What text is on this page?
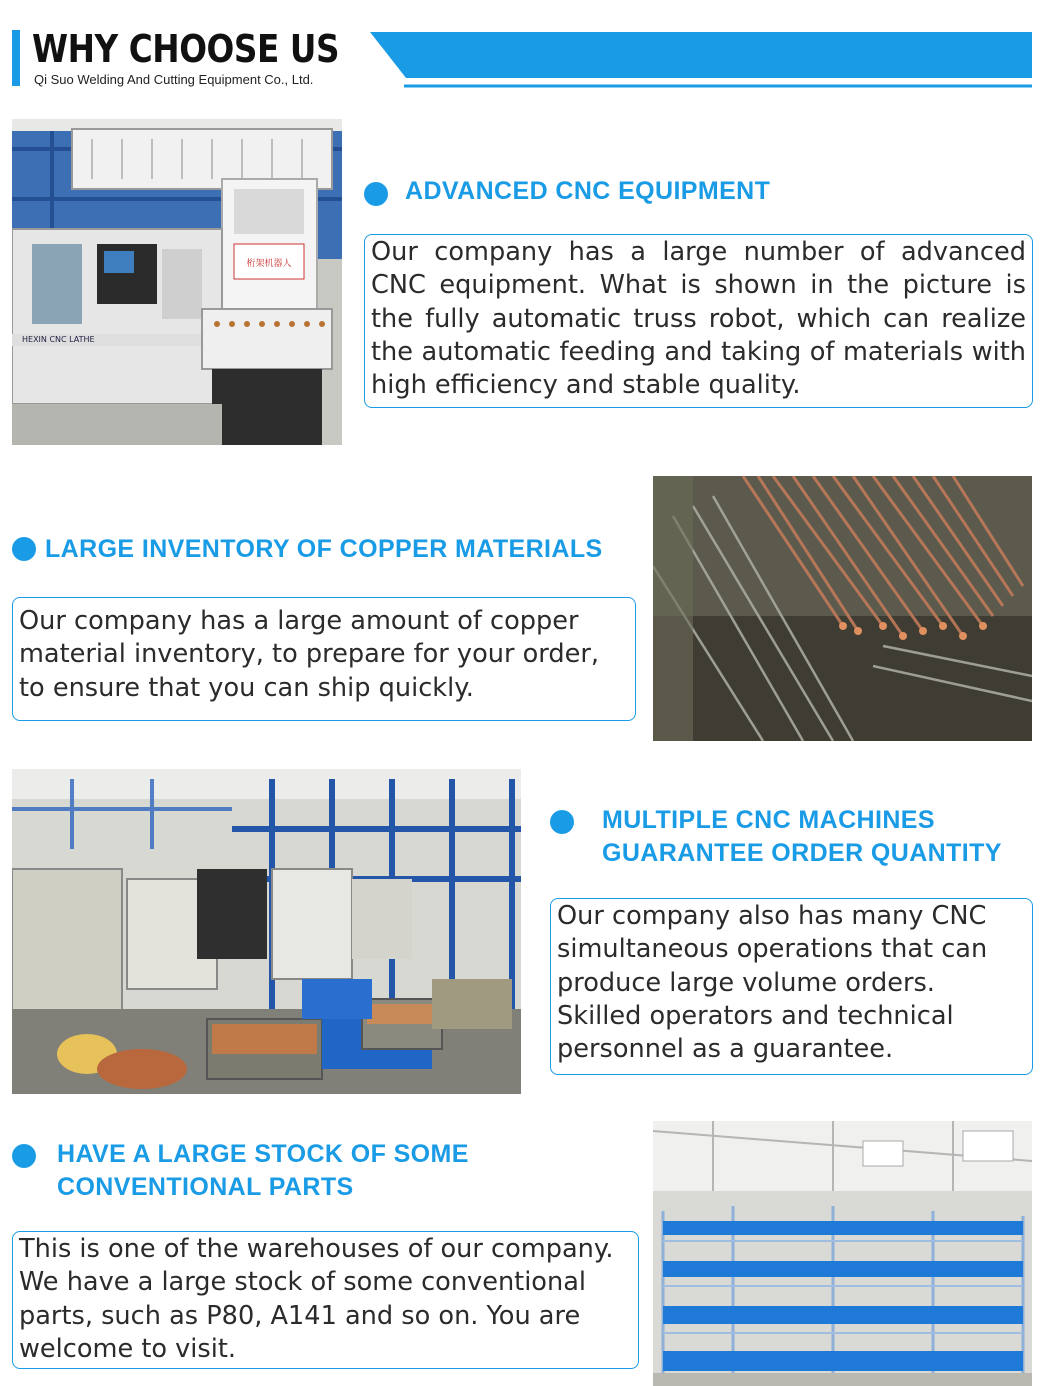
WHY CHOOSE US
Qi Suo Welding And Cutting Equipment Co., Ltd.
桁架机器人
HEXIN CNC LATHE
ADVANCED CNC EQUIPMENT

Our company has a large number of advanced CNC equipment. What is shown in the picture is the fully automatic truss robot, which can realize the automatic feeding and taking of materials with high efficiency and stable quality.

LARGE INVENTORY OF COPPER MATERIALS

Our company has a large amount of copper material inventory, to prepare for your order, to ensure that you can ship quickly.

MULTIPLE CNC MACHINES
GUARANTEE ORDER QUANTITY

Our company also has many CNC simultaneous operations that can produce large volume orders. Skilled operators and technical personnel as a guarantee.

HAVE A LARGE STOCK OF SOME
CONVENTIONAL PARTS

This is one of the warehouses of our company. We have a large stock of some conventional parts, such as P80, A141 and so on. You are welcome to visit.
